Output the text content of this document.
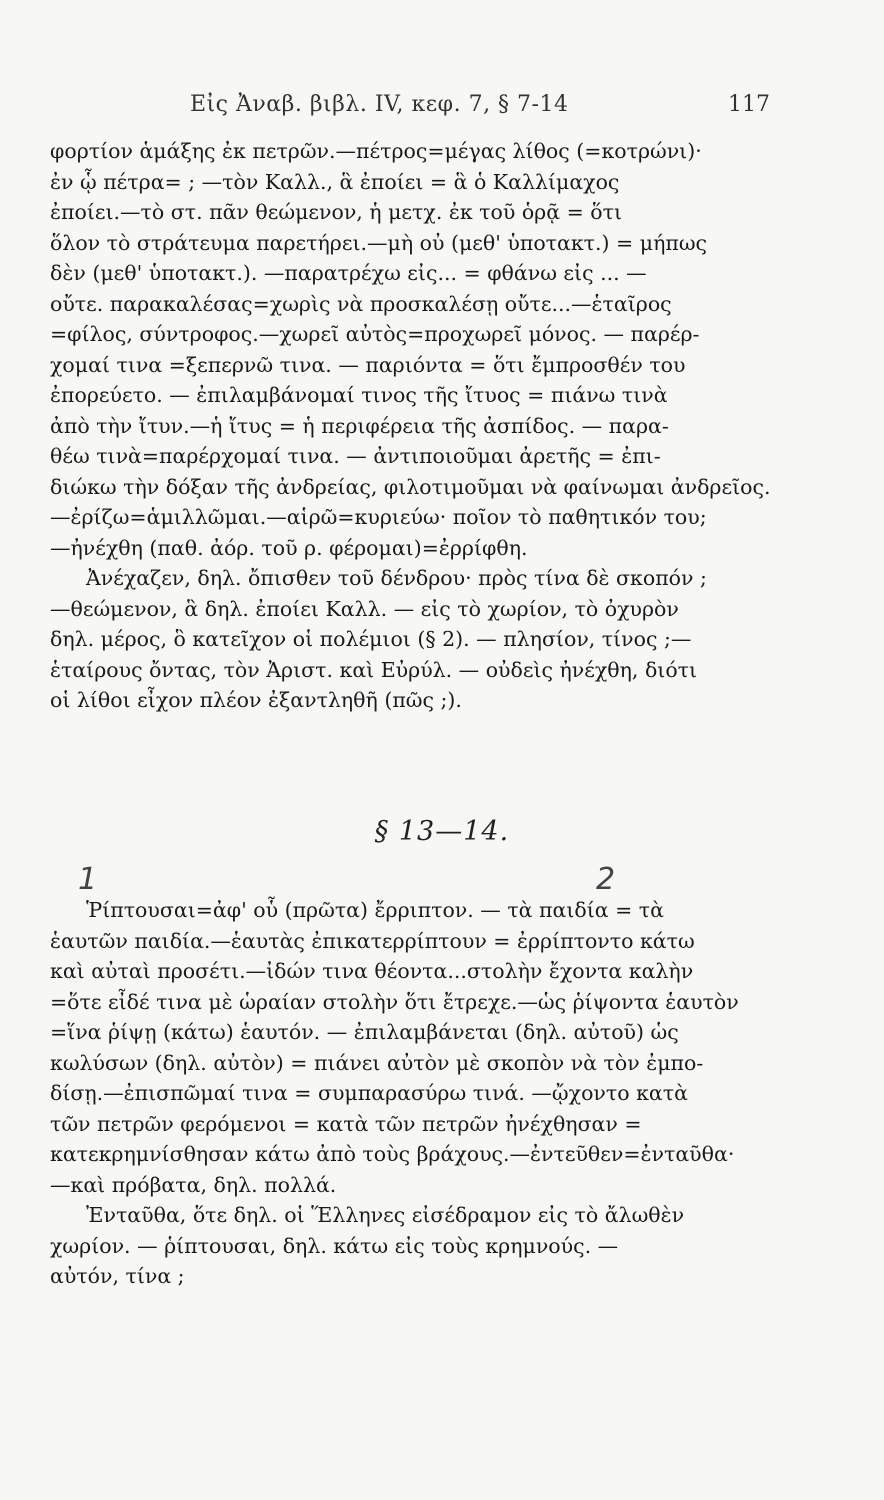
Εἰς Ἀναβ. βιβλ. IV, κεφ. 7, § 7-14	117
φορτίον ἁμάξης ἐκ πετρῶν.—πέτρος=μέγας λίθος (=κοτρώνι)·
ἐν ᾧ πέτρα= ; —τὸν Καλλ., ἃ ἐποίει = ἃ ὁ Καλλίμαχος
ἐποίει.—τὸ στ. πᾶν θεώμενον, ἡ μετχ. ἐκ τοῦ ὁρᾷ = ὅτι
ὅλον τὸ στράτευμα παρετήρει.—μὴ οὐ (μεθ' ὑποτακτ.) = μήπως
δὲν (μεθ' ὑποτακτ.). —παρατρέχω εἰς... = φθάνω εἰς ... —
οὔτε. παρακαλέσας=χωρὶς νὰ προσκαλέσῃ οὔτε...—ἑταῖρος
=φίλος, σύντροφος.—χωρεῖ αὐτὸς=προχωρεῖ μόνος. — παρέρ-
χομαί τινα =ξεπερνῶ τινα. — παριόντα = ὅτι ἔμπροσθέν του
ἐπορεύετο. — ἐπιλαμβάνομαί τινος τῆς ἴτυος = πιάνω τινὰ
ἀπὸ τὴν ἴτυν.—ἡ ἴτυς = ἡ περιφέρεια τῆς ἀσπίδος. — παρα-
θέω τινὰ=παρέρχομαί τινα. — ἀντιποιοῦμαι ἀρετῆς = ἐπι-
διώκω τὴν δόξαν τῆς ἀνδρείας, φιλοτιμοῦμαι νὰ φαίνωμαι ἀνδρεῖος.
—ἐρίζω=ἁμιλλῶμαι.—αἱρῶ=κυριεύω· ποῖον τὸ παθητικόν του;
—ἠνέχθη (παθ. ἀόρ. τοῦ ρ. φέρομαι)=ἐρρίφθη.
Ἀνέχαζεν, δηλ. ὄπισθεν τοῦ δένδρου· πρὸς τίνα δὲ σκοπόν ;
—θεώμενον, ἃ δηλ. ἐποίει Καλλ. — εἰς τὸ χωρίον, τὸ ὀχυρὸν
δηλ. μέρος, ὃ κατεῖχον οἱ πολέμιοι (§ 2). — πλησίον, τίνος ;—
ἑταίρους ὄντας, τὸν Ἀριστ. καὶ Εὐρύλ. — οὐδεὶς ἠνέχθη, διότι
οἱ λίθοι εἶχον πλέον ἐξαντληθῆ (πῶς ;).
§ 13—14.
1	2
Ῥίπτουσαι=ἀφ' οὗ (πρῶτα) ἔρριπτον. — τὰ παιδία = τὰ
ἑαυτῶν παιδία.—ἑαυτὰς ἐπικατερρίπτουν = ἐρρίπτοντο κάτω
καὶ αὐταὶ προσέτι.—ἰδών τινα θέοντα...στολὴν ἔχοντα καλὴν
=ὅτε εἶδέ τινα μὲ ὡραίαν στολὴν ὅτι ἔτρεχε.—ὡς ῥίψοντα ἑαυτὸν
=ἵνα ῥίψῃ (κάτω) ἑαυτόν. — ἐπιλαμβάνεται (δηλ. αὐτοῦ) ὡς
κωλύσων (δηλ. αὐτὸν) = πιάνει αὐτὸν μὲ σκοπὸν νὰ τὸν ἐμπο-
δίσῃ.—ἐπισπῶμαί τινα = συμπαρασύρω τινά. —ᾤχοντο κατὰ
τῶν πετρῶν φερόμενοι = κατὰ τῶν πετρῶν ἠνέχθησαν =
κατεκρημνίσθησαν κάτω ἀπὸ τοὺς βράχους.—ἐντεῦθεν=ἐνταῦθα·
—καὶ πρόβατα, δηλ. πολλά.
Ἐνταῦθα, ὅτε δηλ. οἱ Ἕλληνες εἰσέδραμον εἰς τὸ ἄλωθὲν
χωρίον. — ῥίπτουσαι, δηλ. κάτω εἰς τοὺς κρημνούς. —
αὐτόν, τίνα ;
